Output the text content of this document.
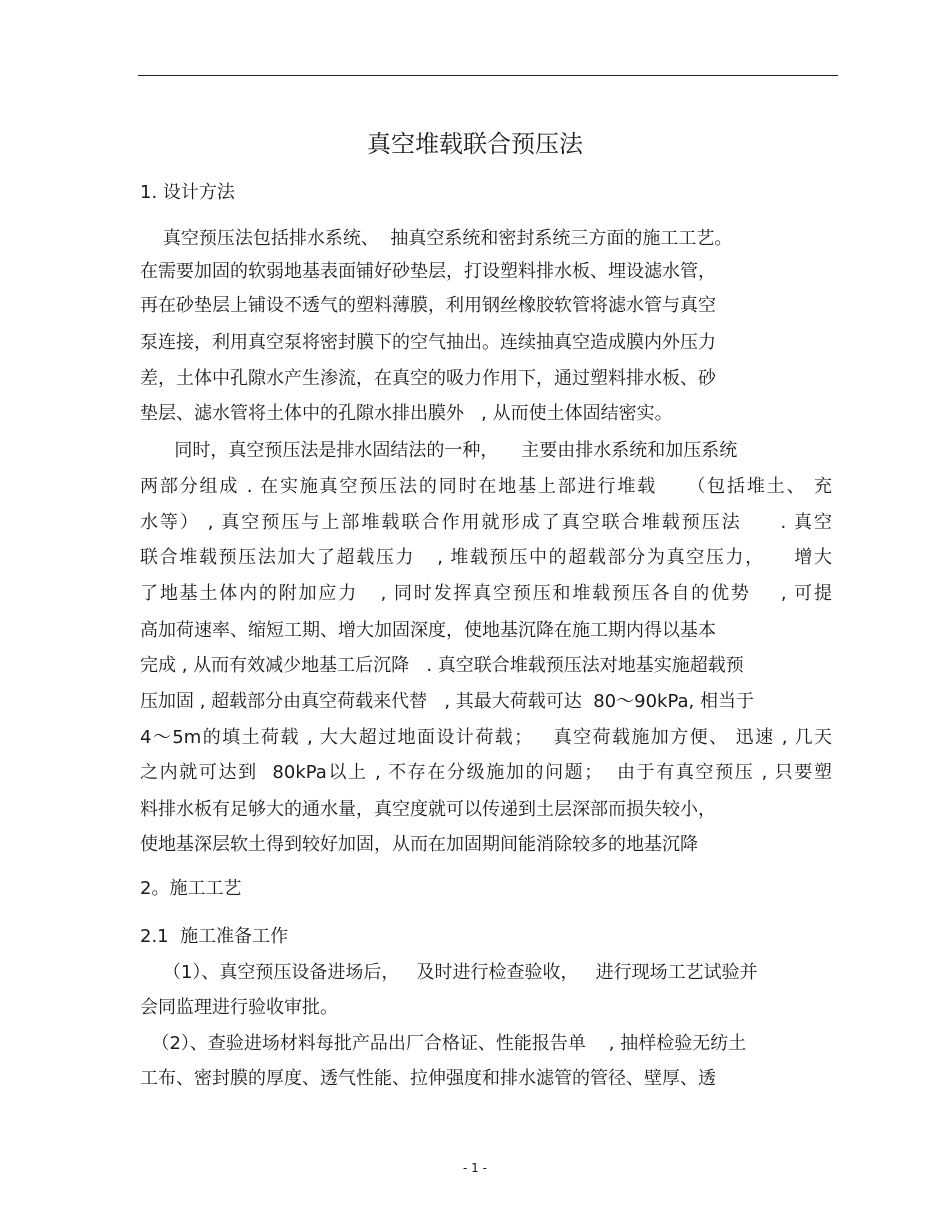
真空堆载联合预压法
1. 设计方法
真空预压法包括排水系统、  抽真空系统和密封系统三方面的施工工艺。
在需要加固的软弱地基表面铺好砂垫层，打设塑料排水板、埋设滤水管，
再在砂垫层上铺设不透气的塑料薄膜，利用钢丝橡胶软管将滤水管与真空
泵连接，利用真空泵将密封膜下的空气抽出。连续抽真空造成膜内外压力
差，土体中孔隙水产生渗流，在真空的吸力作用下，通过塑料排水板、砂
垫层、滤水管将土体中的孔隙水排出膜外   , 从而使土体固结密实。
同时，真空预压法是排水固结法的一种，    主要由排水系统和加压系统
两部分组成 . 在实施真空预压法的同时在地基上部进行堆载    （包括堆土、 充
水等） , 真空预压与上部堆载联合作用就形成了真空联合堆载预压法     . 真空
联合堆载预压法加大了超载压力   , 堆载预压中的超载部分为真空压力，    增大
了地基土体内的附加应力   , 同时发挥真空预压和堆载预压各自的优势    , 可提
高加荷速率、缩短工期、增大加固深度，使地基沉降在施工期内得以基本
完成 , 从而有效减少地基工后沉降   . 真空联合堆载预压法对地基实施超载预
压加固 , 超载部分由真空荷载来代替   , 其最大荷载可达  80～90kPa, 相当于
4～5m的填土荷载 , 大大超过地面设计荷载；   真空荷载施加方便、 迅速 , 几天
之内就可达到  80kPa以上 , 不存在分级施加的问题；  由于有真空预压 , 只要塑
料排水板有足够大的通水量，真空度就可以传递到土层深部而损失较小，
使地基深层软土得到较好加固，从而在加固期间能消除较多的地基沉降
2。施工工艺
2.1  施工准备工作
（1）、真空预压设备进场后，   及时进行检查验收，   进行现场工艺试验并
会同监理进行验收审批。
（2）、查验进场材料每批产品出厂合格证、性能报告单    , 抽样检验无纺土
工布、密封膜的厚度、透气性能、拉伸强度和排水滤管的管径、壁厚、透
- 1 -
